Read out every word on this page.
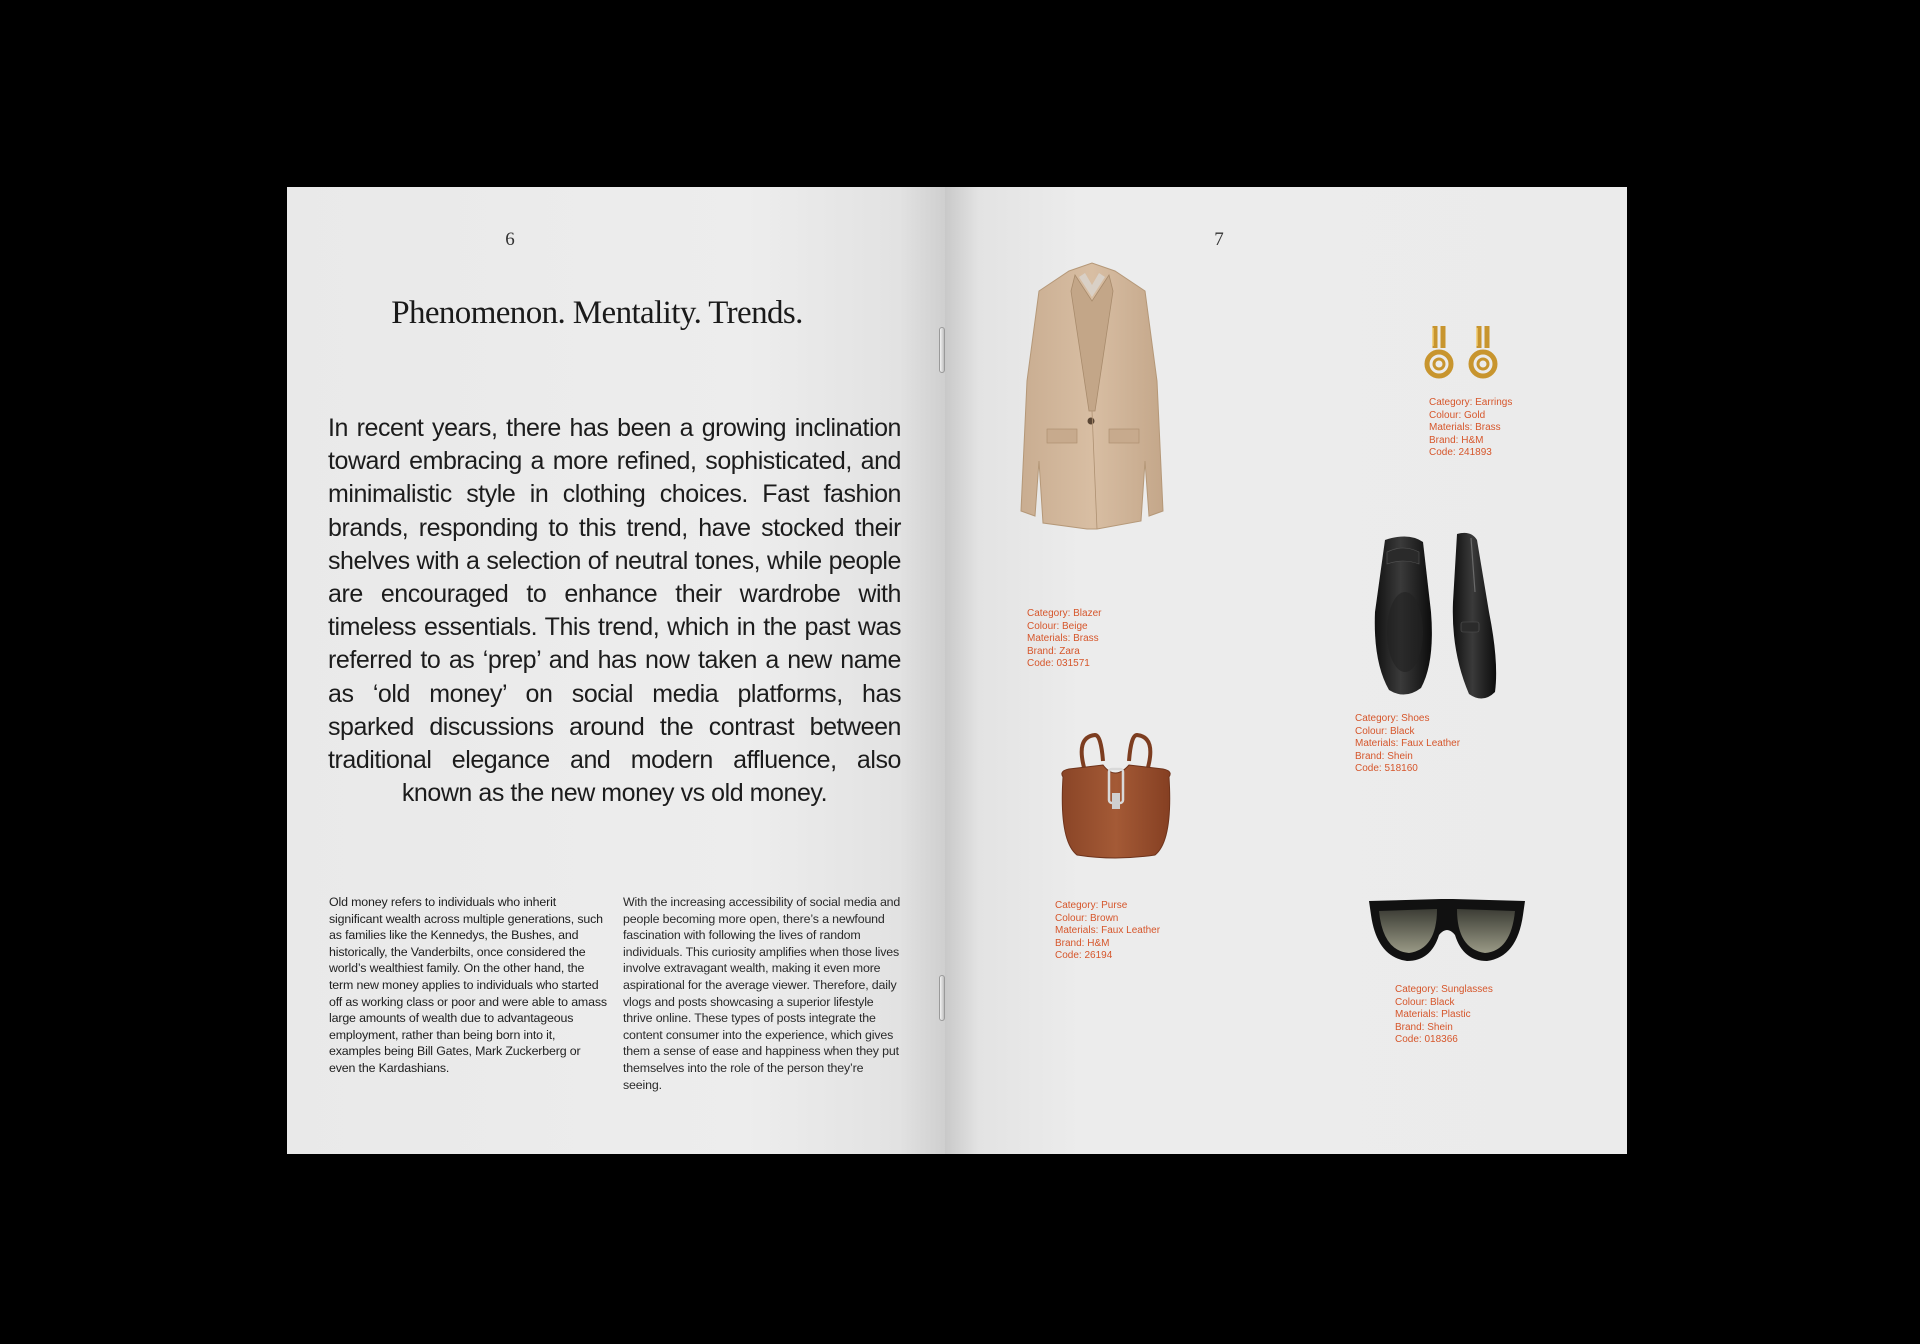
6
Phenomenon. Mentality. Trends.
In recent years, there has been a growing inclination toward embracing a more refined, sophisticated, and minimalistic style in clothing choices. Fast fashion brands, responding to this trend, have stocked their shelves with a selection of neutral tones, while people are encouraged to enhance their wardrobe with timeless essentials. This trend, which in the past was referred to as ‘prep’ and has now taken a new name as ‘old money’ on social media platforms, has sparked discussions around the contrast between traditional elegance and modern affluence, also known as the new money vs old money.
Old money refers to individuals who inherit significant wealth across multiple generations, such as families like the Kennedys, the Bushes, and historically, the Vanderbilts, once considered the world’s wealthiest family. On the other hand, the term new money applies to individuals who started off as working class or poor and were able to amass large amounts of wealth due to advantageous employment, rather than being born into it, examples being Bill Gates, Mark Zuckerberg or even the Kardashians.
With the increasing accessibility of social media and people becoming more open, there’s a newfound fascination with following the lives of random individuals. This curiosity amplifies when those lives involve extravagant wealth, making it even more aspirational for the average viewer. Therefore, daily vlogs and posts showcasing a superior lifestyle thrive online. These types of posts integrate the content consumer into the experience, which gives them a sense of ease and happiness when they put themselves into the role of the person they’re seeing.
7
Category: Blazer
Colour: Beige
Materials: Brass
Brand: Zara
Code: 031571
Category: Earrings
Colour: Gold
Materials: Brass
Brand: H&M
Code: 241893
Category: Shoes
Colour: Black
Materials: Faux Leather
Brand: Shein
Code: 518160
Category: Purse
Colour: Brown
Materials: Faux Leather
Brand: H&M
Code: 26194
Category: Sunglasses
Colour: Black
Materials: Plastic
Brand: Shein
Code: 018366
